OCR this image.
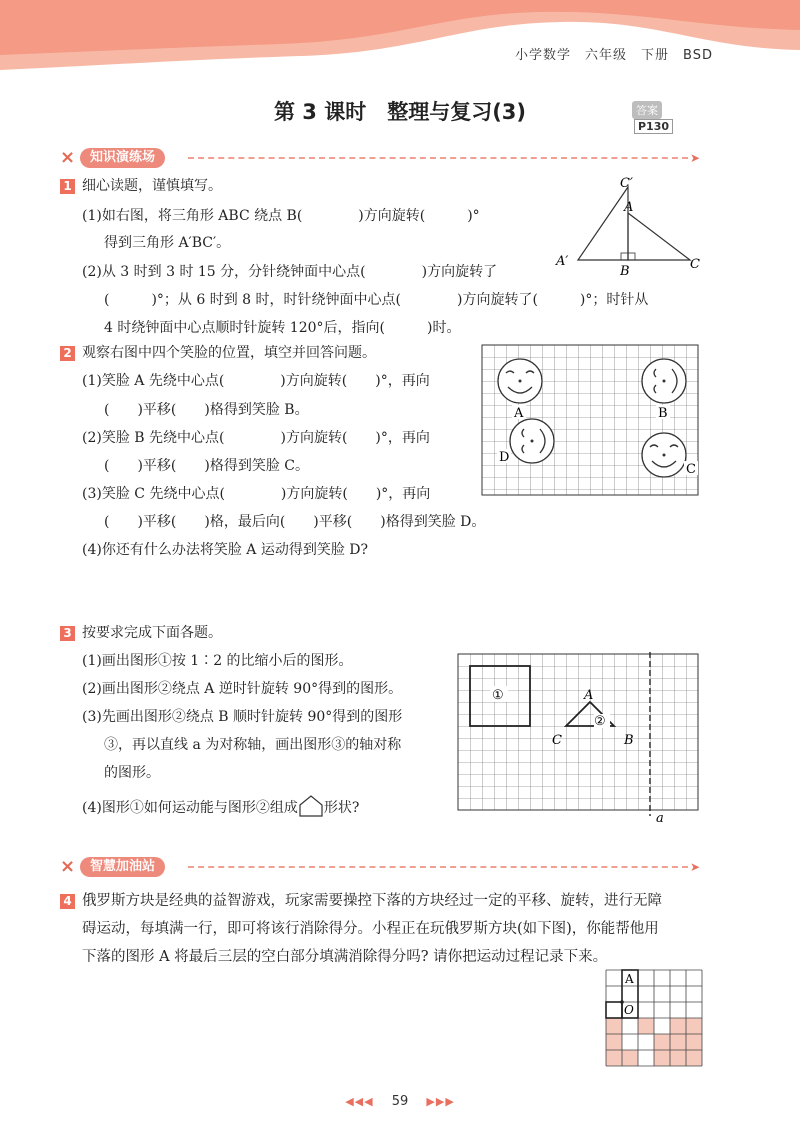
小学数学　六年级　下册　BSD
第 3 课时　整理与复习(3)	答案P130
⨯	知识演练场	➤
1 细心读题，谨慎填写。
(1)如右图，将三角形 ABC 绕点 B(　　　　)方向旋转(　　　)°
得到三角形 A′BC′。
(2)从 3 时到 3 时 15 分，分针绕钟面中心点(　　　　)方向旋转了
(　　　)°；从 6 时到 8 时，时针绕钟面中心点(　　　　)方向旋转了(　　　)°；时针从
4 时绕钟面中心点顺时针旋转 120°后，指向(　　　)时。
C′
A
A′
B	C
2 观察右图中四个笑脸的位置，填空并回答问题。
(1)笑脸 A 先绕中心点(　　　　)方向旋转(　　)°，再向
(　　)平移(　　)格得到笑脸 B。
(2)笑脸 B 先绕中心点(　　　　)方向旋转(　　)°，再向
(　　)平移(　　)格得到笑脸 C。
(3)笑脸 C 先绕中心点(　　　　)方向旋转(　　)°，再向
(　　)平移(　　)格，最后向(　　)平移(　　)格得到笑脸 D。
(4)你还有什么办法将笑脸 A 运动得到笑脸 D?
A	B
D
C
3 按要求完成下面各题。
(1)画出图形①按 1∶2 的比缩小后的图形。
(2)画出图形②绕点 A 逆时针旋转 90°得到的图形。
(3)先画出图形②绕点 B 顺时针旋转 90°得到的图形
③，再以直线 a 为对称轴，画出图形③的轴对称
的图形。
(4)图形①如何运动能与图形②组成 形状?
①
②
A
B
C
a
⨯	智慧加油站	➤
4 俄罗斯方块是经典的益智游戏，玩家需要操控下落的方块经过一定的平移、旋转，进行无障
碍运动，每填满一行，即可将该行消除得分。小程正在玩俄罗斯方块(如下图)，你能帮他用
下落的图形 A 将最后三层的空白部分填满消除得分吗? 请你把运动过程记录下来。
A
O
◀◀◀ 59 ▶▶▶
